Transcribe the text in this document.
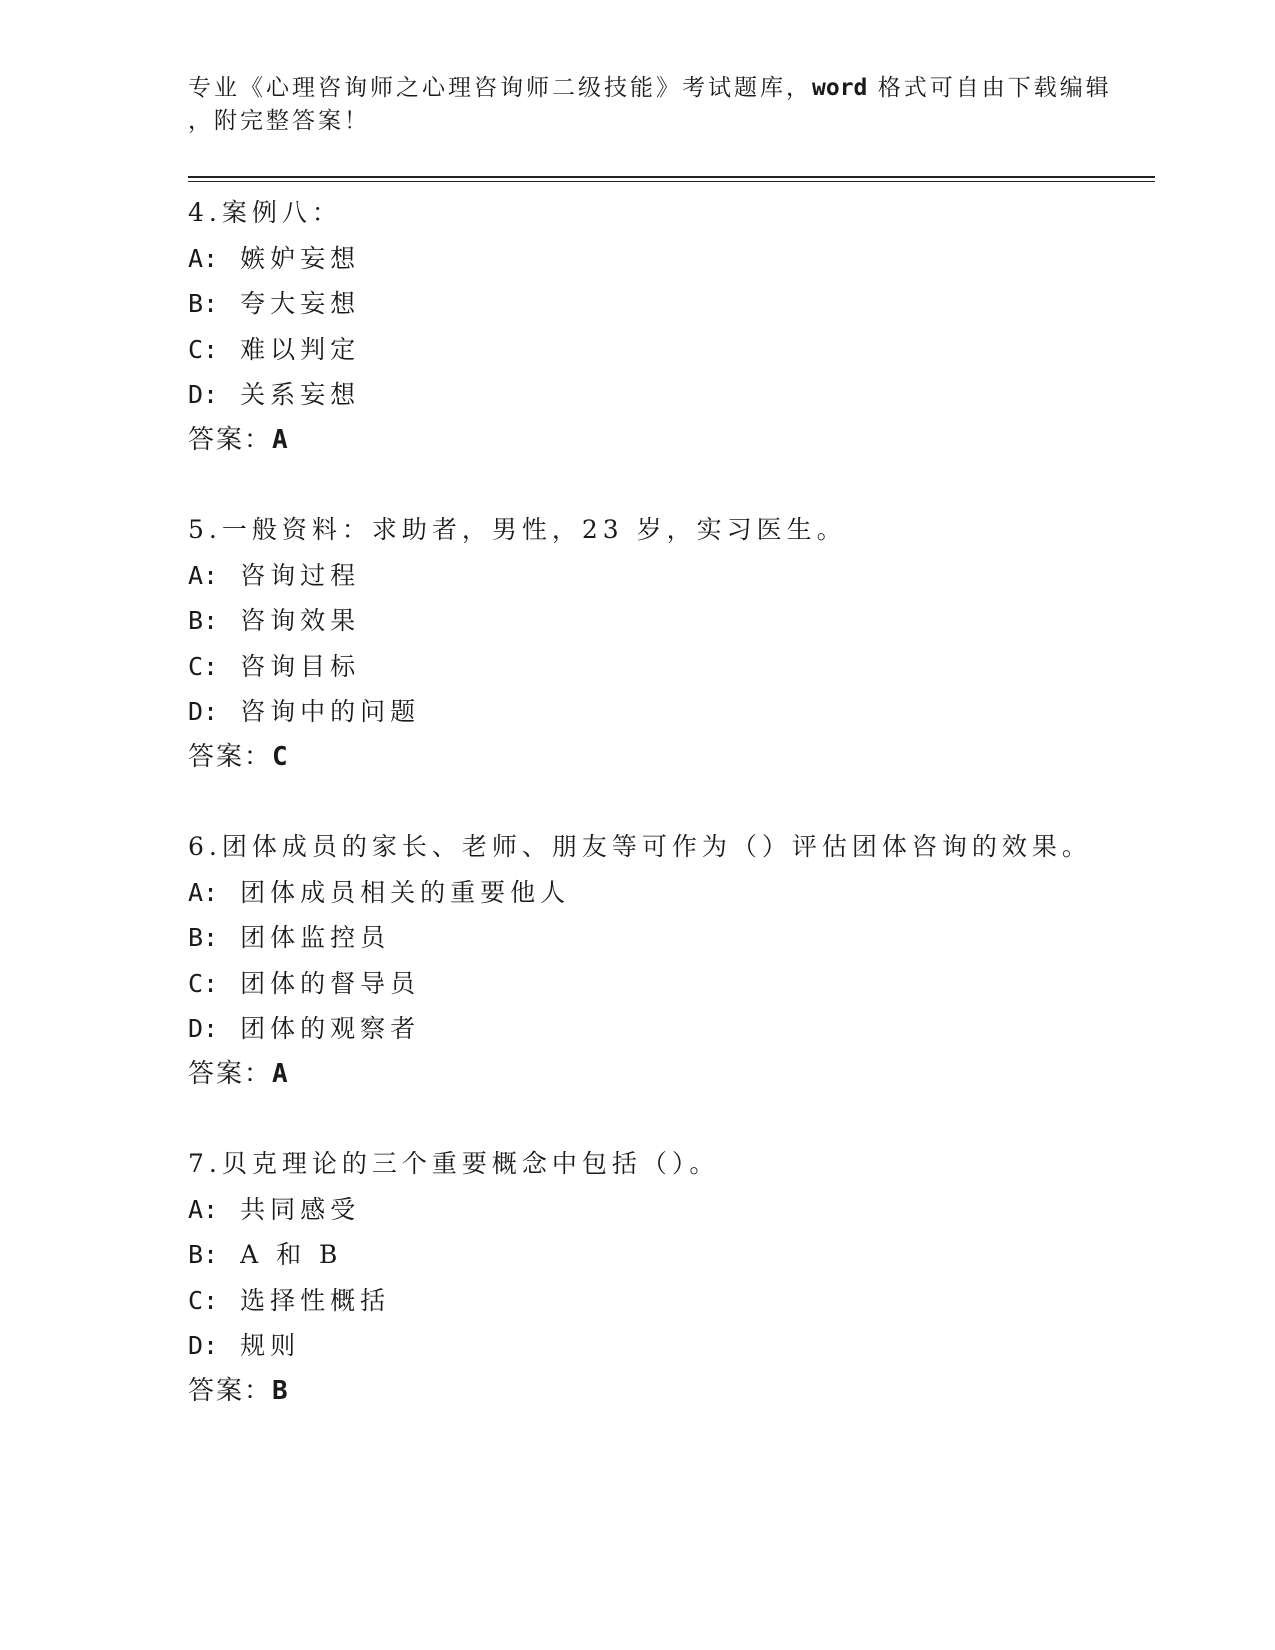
专业《心理咨询师之心理咨询师二级技能》考试题库，word 格式可自由下载编辑
，附完整答案！
4.案例八：
A: 嫉妒妄想
B: 夸大妄想
C: 难以判定
D: 关系妄想
答案：A
5.一般资料：求助者，男性，23 岁，实习医生。
A: 咨询过程
B: 咨询效果
C: 咨询目标
D: 咨询中的问题
答案：C
6.团体成员的家长、老师、朋友等可作为（）评估团体咨询的效果。
A: 团体成员相关的重要他人
B: 团体监控员
C: 团体的督导员
D: 团体的观察者
答案：A
7.贝克理论的三个重要概念中包括（）。
A: 共同感受
B: A 和 B
C: 选择性概括
D: 规则
答案：B
